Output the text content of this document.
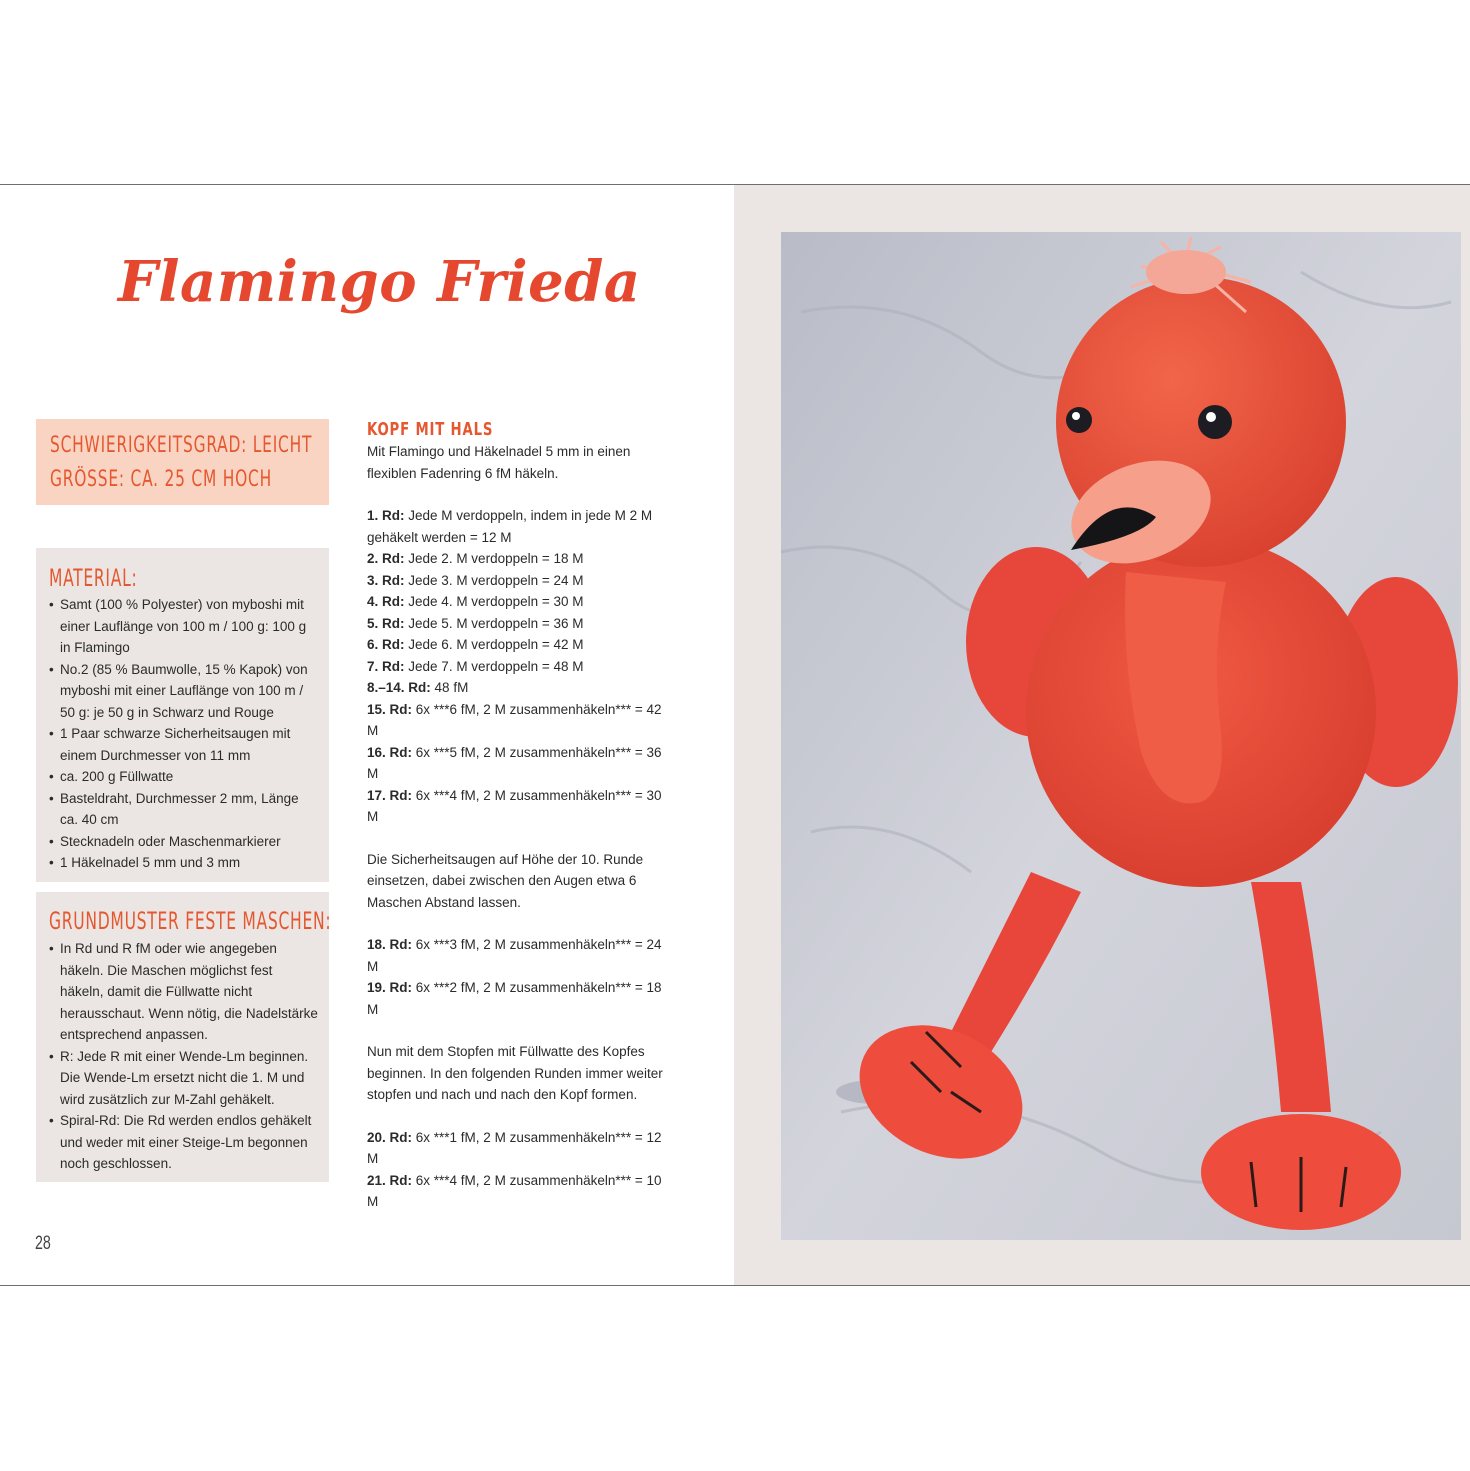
Flamingo Frieda
SCHWIERIGKEITSGRAD: LEICHT
GRÖSSE: CA. 25 CM HOCH
MATERIAL:
• Samt (100 % Polyester) von myboshi mit einer Lauflänge von 100 m / 100 g: 100 g in Flamingo
• No.2 (85 % Baumwolle, 15 % Kapok) von myboshi mit einer Lauflänge von 100 m / 50 g: je 50 g in Schwarz und Rouge
• 1 Paar schwarze Sicherheitsaugen mit einem Durchmesser von 11 mm
• ca. 200 g Füllwatte
• Basteldraht, Durchmesser 2 mm, Länge ca. 40 cm
• Stecknadeln oder Maschenmarkierer
• 1 Häkelnadel 5 mm und 3 mm
GRUNDMUSTER FESTE MASCHEN:
• In Rd und R fM oder wie angegeben häkeln. Die Maschen möglichst fest häkeln, damit die Füllwatte nicht herausschaut. Wenn nötig, die Nadelstärke entsprechend anpassen.
• R: Jede R mit einer Wende-Lm beginnen. Die Wende-Lm ersetzt nicht die 1. M und wird zusätzlich zur M-Zahl gehäkelt.
• Spiral-Rd: Die Rd werden endlos gehäkelt und weder mit einer Steige-Lm begonnen noch geschlossen.
28
KOPF MIT HALS

Mit Flamingo und Häkelnadel 5 mm in einen flexiblen Fadenring 6 fM häkeln.

1. Rd: Jede M verdoppeln, indem in jede M 2 M gehäkelt werden = 12 M

2. Rd: Jede 2. M verdoppeln = 18 M

3. Rd: Jede 3. M verdoppeln = 24 M

4. Rd: Jede 4. M verdoppeln = 30 M

5. Rd: Jede 5. M verdoppeln = 36 M

6. Rd: Jede 6. M verdoppeln = 42 M

7. Rd: Jede 7. M verdoppeln = 48 M

8.–14. Rd: 48 fM

15. Rd: 6x ***6 fM, 2 M zusammenhäkeln*** = 42 M

16. Rd: 6x ***5 fM, 2 M zusammenhäkeln*** = 36 M

17. Rd: 6x ***4 fM, 2 M zusammenhäkeln*** = 30 M

Die Sicherheitsaugen auf Höhe der 10. Runde einsetzen, dabei zwischen den Augen etwa 6 Maschen Abstand lassen.

18. Rd: 6x ***3 fM, 2 M zusammenhäkeln*** = 24 M

19. Rd: 6x ***2 fM, 2 M zusammenhäkeln*** = 18 M

Nun mit dem Stopfen mit Füllwatte des Kopfes beginnen. In den folgenden Runden immer weiter stopfen und nach und nach den Kopf formen.

20. Rd: 6x ***1 fM, 2 M zusammenhäkeln*** = 12 M

21. Rd: 6x ***4 fM, 2 M zusammenhäkeln*** = 10 M
